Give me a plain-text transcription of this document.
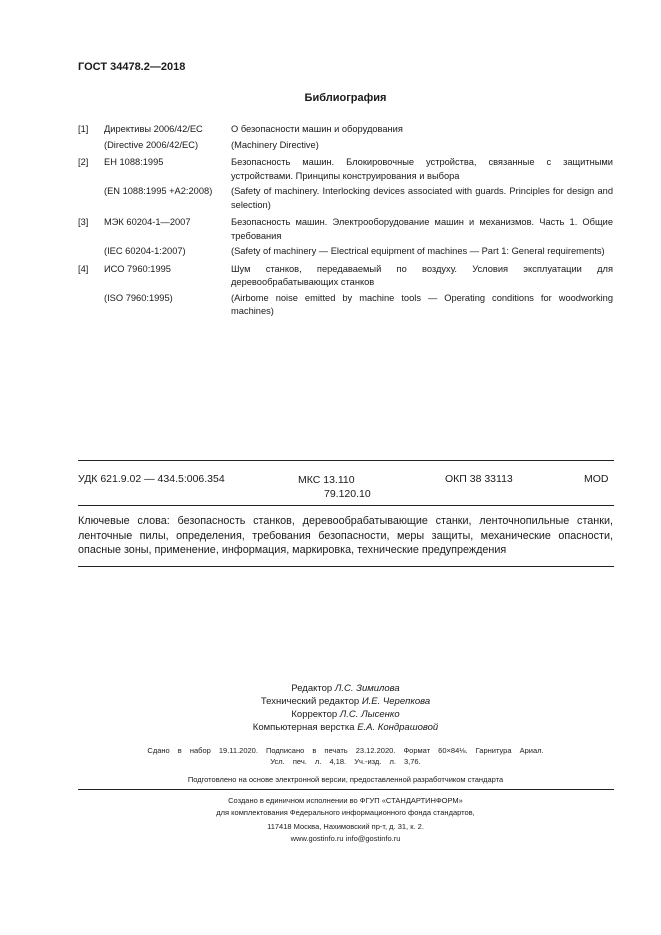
ГОСТ 34478.2—2018
Библиография
[1]	Директивы 2006/42/ЕС	О безопасности машин и оборудования
(Directive 2006/42/EC)	(Machinery Directive)
[2]	ЕН 1088:1995	Безопасность машин. Блокировочные устройства, связанные с защитными устройствами. Принципы конструирования и выбора
(EN 1088:1995 +A2:2008)	(Safety of machinery. Interlocking devices associated with guards. Principles for design and selection)
[3]	МЭК 60204-1—2007	Безопасность машин. Электрооборудование машин и механизмов. Часть 1. Общие требования
(IEC 60204-1:2007)	(Safety of machinery — Electrical equipment of machines — Part 1: General requirements)
[4]	ИСО 7960:1995	Шум станков, передаваемый по воздуху. Условия эксплуатации для деревообрабатывающих станков
(ISO 7960:1995)	(Airbome noise emitted by machine tools — Operating conditions for woodworking machines)
УДК 621.9.02 — 434.5:006.354	МКС 13.110
79.120.10
ОКП 38 33113	MOD
Ключевые слова: безопасность станков, деревообрабатывающие станки, ленточнопильные станки, ленточные пилы, определения, требования безопасности, меры защиты, механические опасности, опасные зоны, применение, информация, маркировка, технические предупреждения
Редактор Л.С. Зимилова
Технический редактор И.Е. Черепкова
Корректор Л.С. Лысенко
Компьютерная верстка Е.А. Кондрашовой
Сдано в набор 19.11.2020. Подписано в печать 23.12.2020. Формат 60×84⅛. Гарнитура Ариал.
Усл. печ. л. 4,18. Уч.-изд. л. 3,76.
Подготовлено на основе электронной версии, предоставленной разработчиком стандарта
Создано в единичном исполнении во ФГУП «СТАНДАРТИНФОРМ»
для комплектования Федерального информационного фонда стандартов,
117418 Москва, Нахимовский пр-т, д. 31, к. 2.
www.gostinfo.ru info@gostinfo.ru
